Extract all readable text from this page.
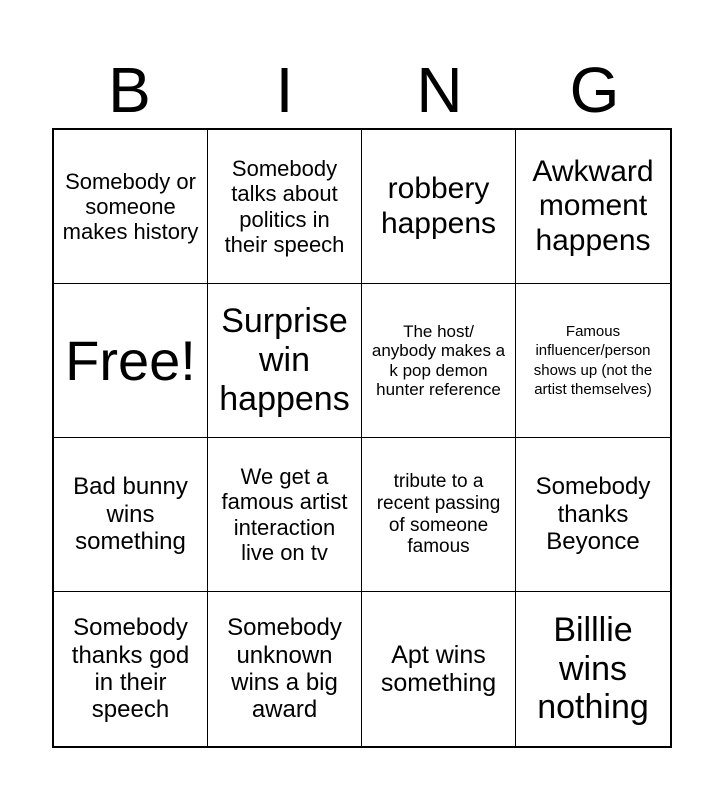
B	I	N	G
Somebody or someone makes history
Somebody talks about politics in their speech
robbery happens
Awkward moment happens
Free!
Surprise win happens
The host/ anybody makes a k pop demon hunter reference
Famous influencer/person shows up (not the artist themselves)
Bad bunny wins something
We get a famous artist interaction live on tv
tribute to a recent passing of someone famous
Somebody thanks Beyonce
Somebody thanks god in their speech
Somebody unknown wins a big award
Apt wins something
Billlie wins nothing
